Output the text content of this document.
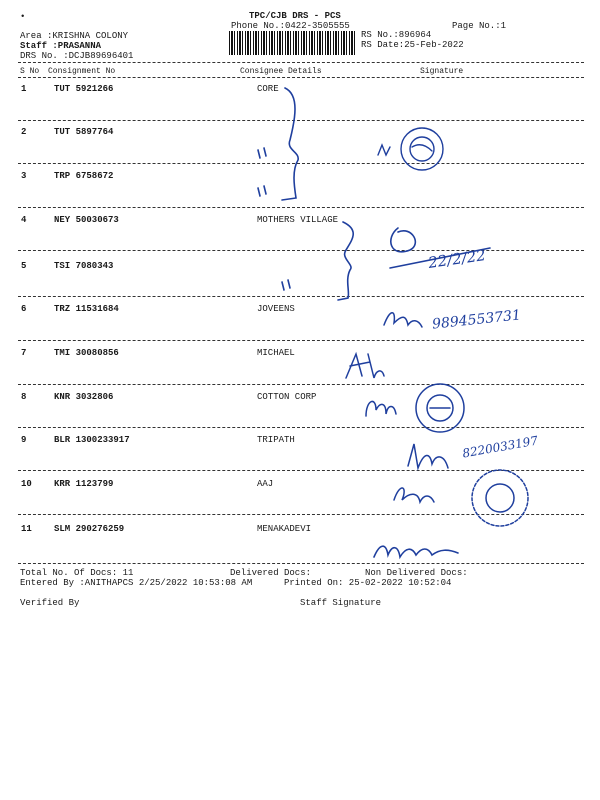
•	TPC/CJB DRS - PCS
Phone No.:0422-3505555	Page No.:1
Area :KRISHNA COLONY
Staff :PRASANNA
DRS No. :DCJB89696401
RS No.:896964
RS Date:25-Feb-2022
S No Consignment No	Consignee Details	Signature
1	TUT 5921266	CORE
2	TUT 5897764
3	TRP 6758672
4	NEY 50030673	MOTHERS VILLAGE
5	TSI 7080343
6	TRZ 11531684	JOVEENS
7	TMI 30080856	MICHAEL
8	KNR 3032806	COTTON CORP
9	BLR 1300233917	TRIPATH
10 KRR 1123799	AAJ
11 SLM 290276259	MENAKADEVI
Total No. Of Docs: 11	Delivered Docs:	Non Delivered Docs:
Entered By :ANITHAPCS 2/25/2022 10:53:08 AM	Printed On: 25-02-2022 10:52:04
Verified By	Staff Signature
22/2/22
9894553731
8220033197
